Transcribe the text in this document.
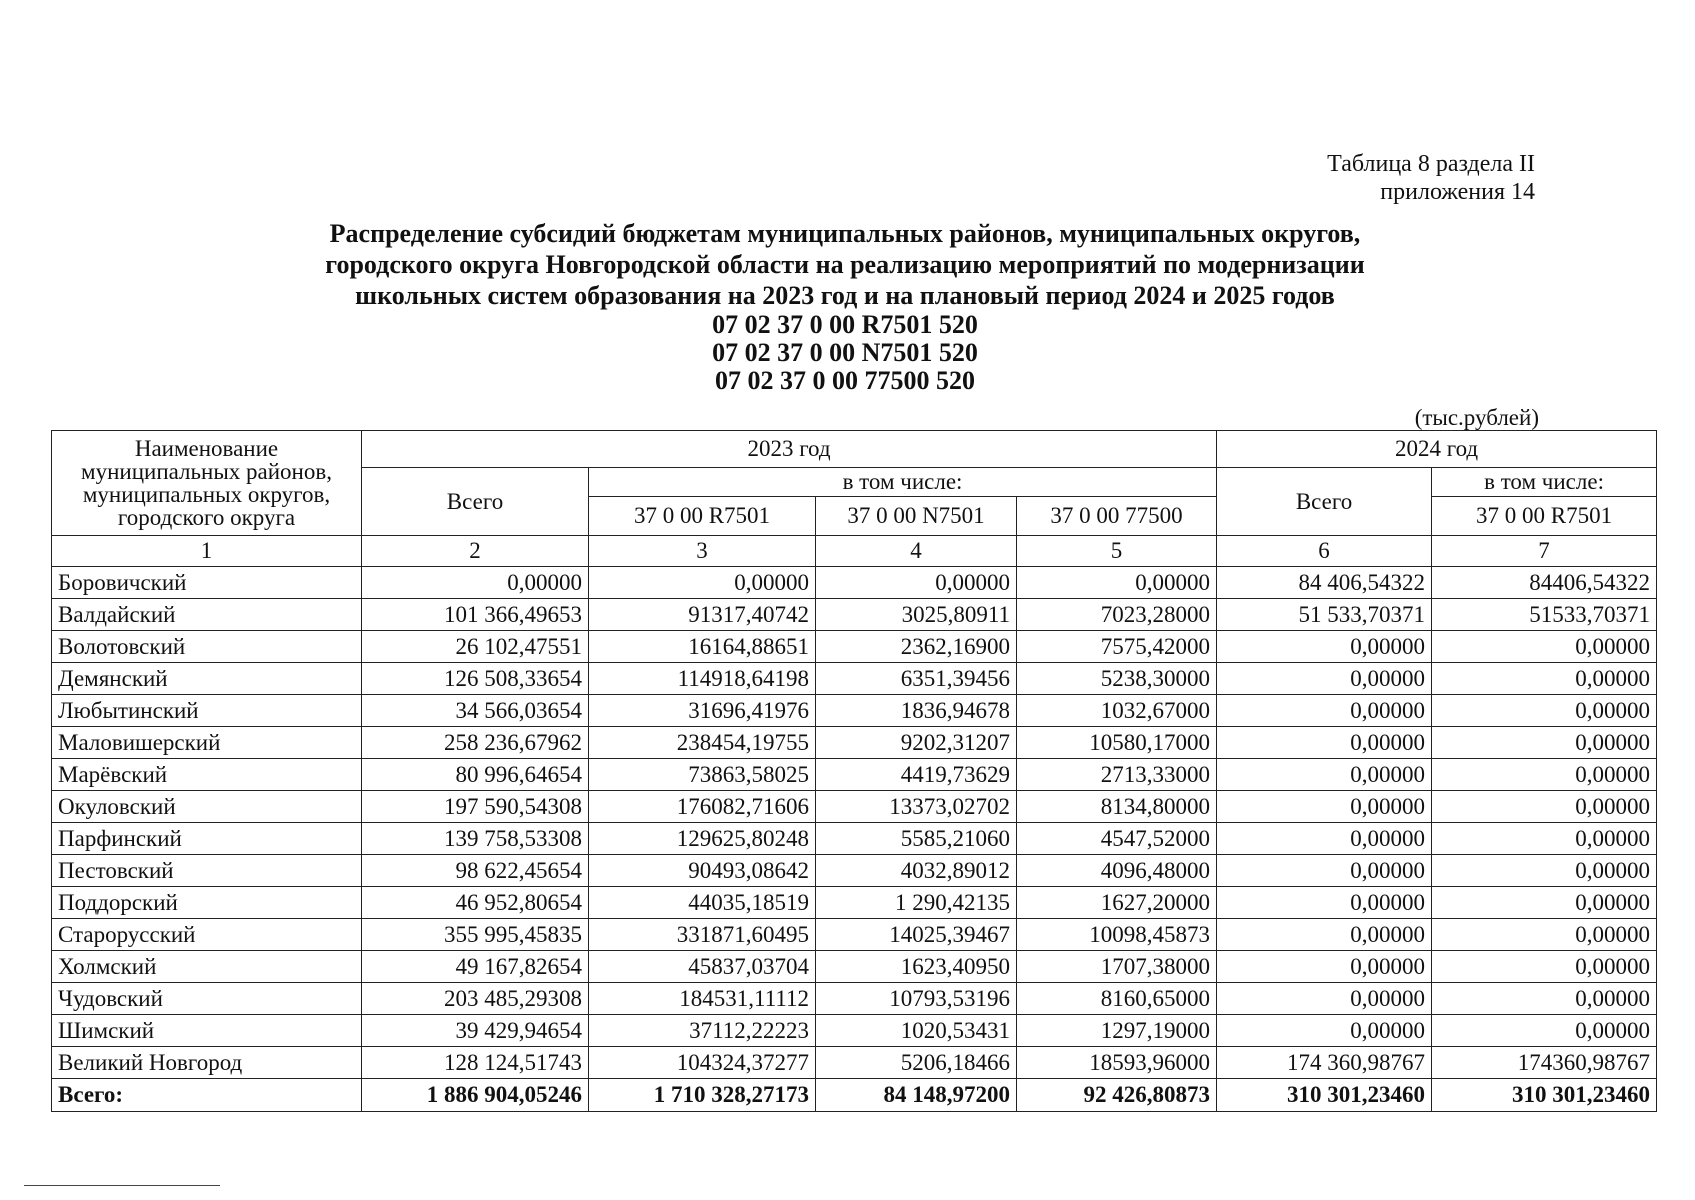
Таблица 8 раздела II
приложения 14
Распределение субсидий бюджетам муниципальных районов, муниципальных округов,
городского округа Новгородской области на реализацию мероприятий по модернизации
школьных систем образования на 2023 год и на плановый период 2024 и 2025 годов
07 02 37 0 00 R7501 520
07 02 37 0 00 N7501 520
07 02 37 0 00 77500 520
(тыс.рублей)
Наименование муниципальных районов, муниципальных округов, городского округа	2023 год				2024 год	
	Всего	в том числе:			Всего	в том числе:
		37 0 00 R7501	37 0 00 N7501	37 0 00 77500		37 0 00 R7501
1	2	3	4	5	6	7
Боровичский	0,00000	0,00000	0,00000	0,00000	84 406,54322	84406,54322
Валдайский	101 366,49653	91317,40742	3025,80911	7023,28000	51 533,70371	51533,70371
Волотовский	26 102,47551	16164,88651	2362,16900	7575,42000	0,00000	0,00000
Демянский	126 508,33654	114918,64198	6351,39456	5238,30000	0,00000	0,00000
Любытинский	34 566,03654	31696,41976	1836,94678	1032,67000	0,00000	0,00000
Маловишерский	258 236,67962	238454,19755	9202,31207	10580,17000	0,00000	0,00000
Марёвский	80 996,64654	73863,58025	4419,73629	2713,33000	0,00000	0,00000
Окуловский	197 590,54308	176082,71606	13373,02702	8134,80000	0,00000	0,00000
Парфинский	139 758,53308	129625,80248	5585,21060	4547,52000	0,00000	0,00000
Пестовский	98 622,45654	90493,08642	4032,89012	4096,48000	0,00000	0,00000
Поддорский	46 952,80654	44035,18519	1 290,42135	1627,20000	0,00000	0,00000
Старорусский	355 995,45835	331871,60495	14025,39467	10098,45873	0,00000	0,00000
Холмский	49 167,82654	45837,03704	1623,40950	1707,38000	0,00000	0,00000
Чудовский	203 485,29308	184531,11112	10793,53196	8160,65000	0,00000	0,00000
Шимский	39 429,94654	37112,22223	1020,53431	1297,19000	0,00000	0,00000
Великий Новгород	128 124,51743	104324,37277	5206,18466	18593,96000	174 360,98767	174360,98767
Всего:	1 886 904,05246	1 710 328,27173	84 148,97200	92 426,80873	310 301,23460	310 301,23460
